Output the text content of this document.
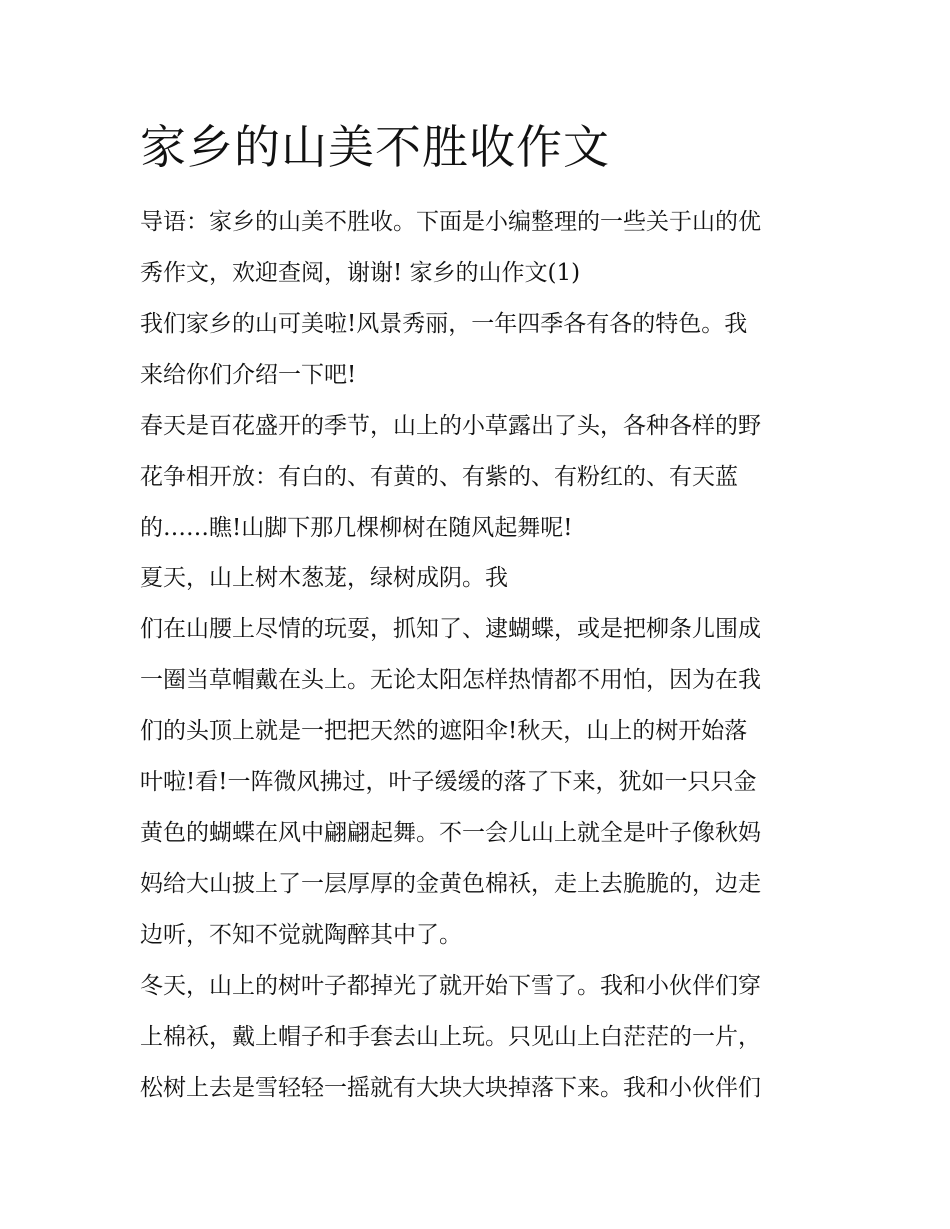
家乡的山美不胜收作文

导语：家乡的山美不胜收。下面是小编整理的一些关于山的优

秀作文，欢迎查阅，谢谢! 家乡的山作文(1)

我们家乡的山可美啦!风景秀丽，一年四季各有各的特色。我

来给你们介绍一下吧!

春天是百花盛开的季节，山上的小草露出了头，各种各样的野

花争相开放：有白的、有黄的、有紫的、有粉红的、有天蓝

的……瞧!山脚下那几棵柳树在随风起舞呢!

夏天，山上树木葱茏，绿树成阴。我

们在山腰上尽情的玩耍，抓知了、逮蝴蝶，或是把柳条儿围成

一圈当草帽戴在头上。无论太阳怎样热情都不用怕，因为在我

们的头顶上就是一把把天然的遮阳伞!秋天，山上的树开始落

叶啦!看!一阵微风拂过，叶子缓缓的落了下来，犹如一只只金

黄色的蝴蝶在风中翩翩起舞。不一会儿山上就全是叶子像秋妈

妈给大山披上了一层厚厚的金黄色棉袄，走上去脆脆的，边走

边听，不知不觉就陶醉其中了。

冬天，山上的树叶子都掉光了就开始下雪了。我和小伙伴们穿

上棉袄，戴上帽子和手套去山上玩。只见山上白茫茫的一片，

松树上去是雪轻轻一摇就有大块大块掉落下来。我和小伙伴们
